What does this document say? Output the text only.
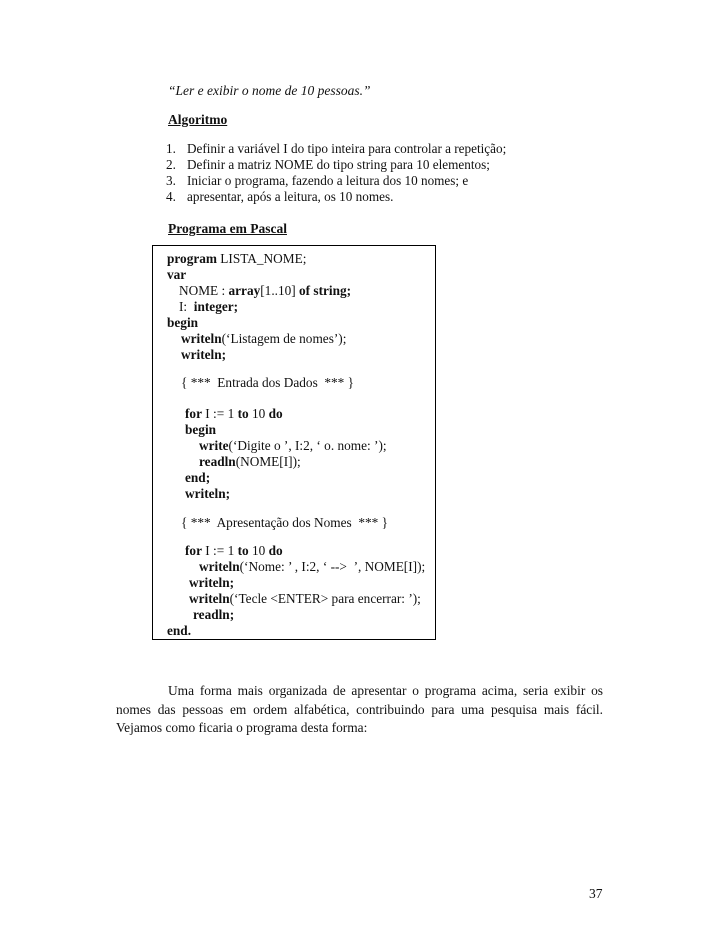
“Ler e exibir o nome de 10 pessoas.”
Algoritmo
1. Definir a variável I do tipo inteira para controlar a repetição;
2. Definir a matriz NOME do tipo string para 10 elementos;
3. Iniciar o programa, fazendo a leitura dos 10 nomes; e
4. apresentar, após a leitura, os 10 nomes.
Programa em Pascal
program LISTA_NOME;
var
NOME : array[1..10] of string;
I:  integer;
begin
writeln(‘Listagem de nomes’);
writeln;
{ ***  Entrada dos Dados  *** }
for I := 1 to 10 do
begin
write(‘Digite o ’, I:2, ‘ o. nome: ’);
readln(NOME[I]);
end;
writeln;
{ ***  Apresentação dos Nomes  *** }
for I := 1 to 10 do
writeln(‘Nome: ’ , I:2, ‘ -->  ’, NOME[I]);
writeln;
writeln(‘Tecle <ENTER> para encerrar: ’);
readln;
end.

Uma forma mais organizada de apresentar o programa acima, seria exibir os nomes das pessoas em ordem alfabética, contribuindo para uma pesquisa mais fácil. Vejamos como ficaria o programa desta forma:

37
